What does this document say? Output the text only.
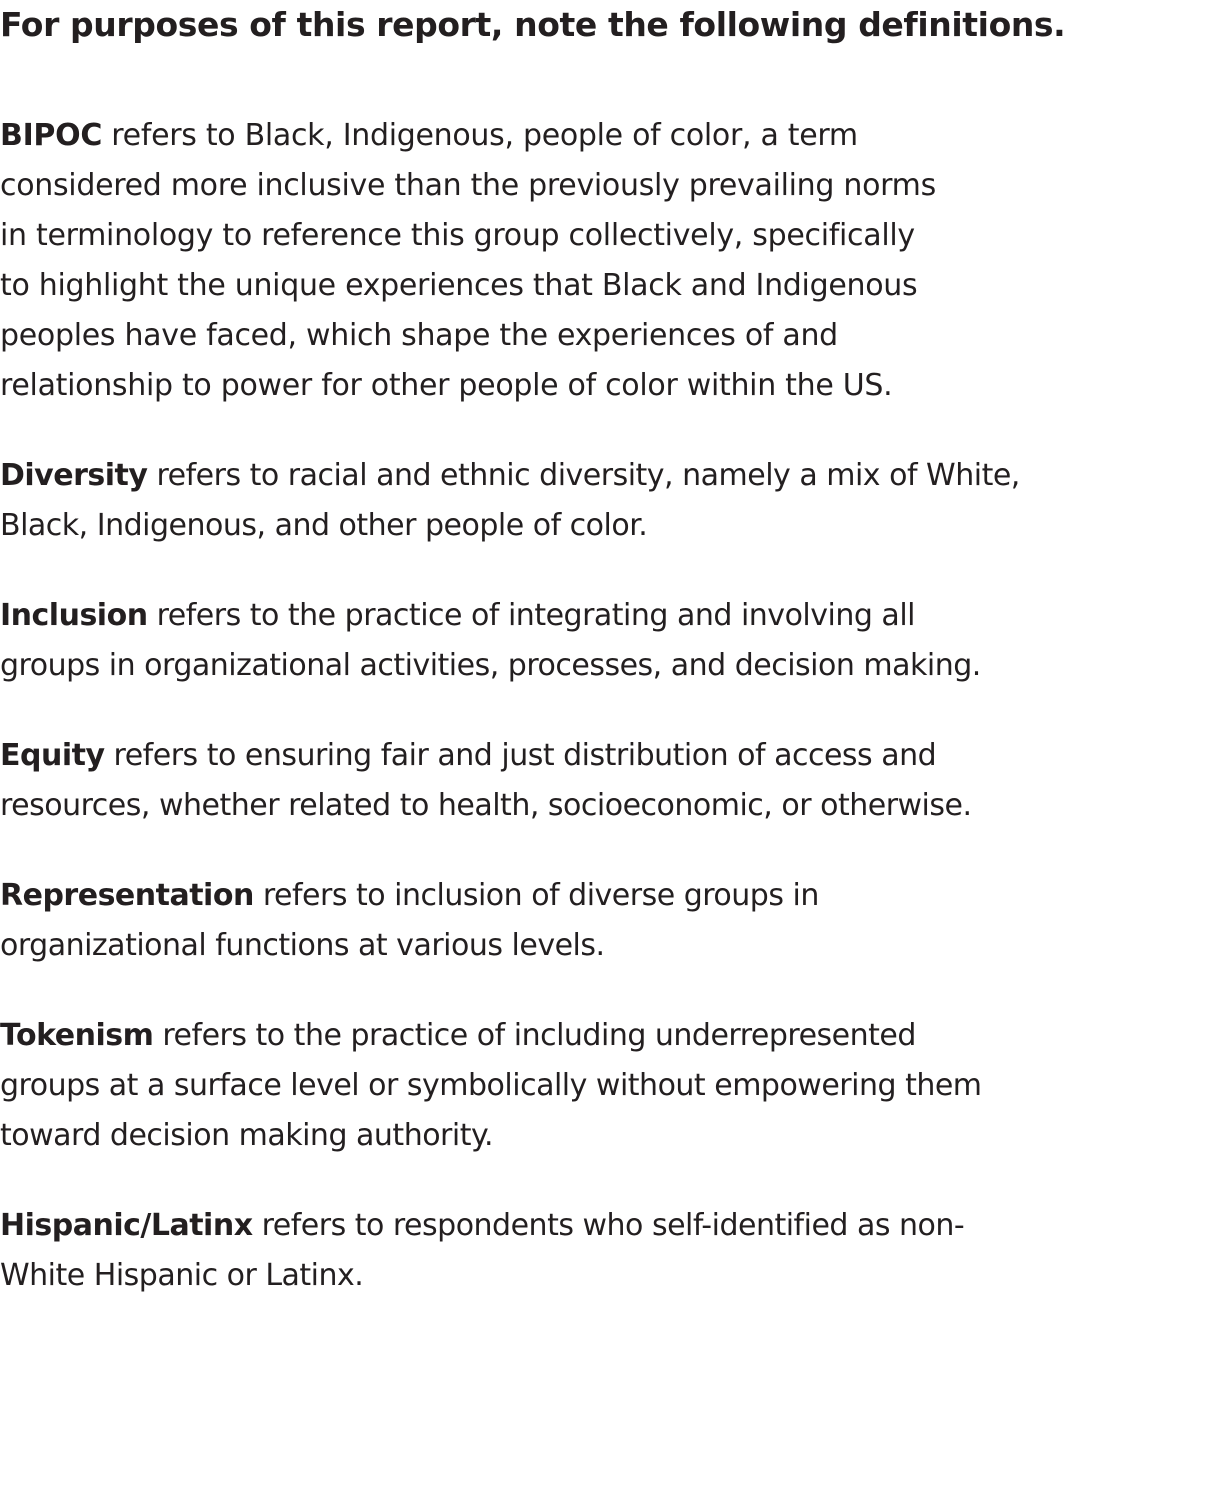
For purposes of this report, note the following definitions.

BIPOC refers to Black, Indigenous, people of color, a term
considered more inclusive than the previously prevailing norms
in terminology to reference this group collectively, specifically
to highlight the unique experiences that Black and Indigenous
peoples have faced, which shape the experiences of and
relationship to power for other people of color within the US.

Diversity refers to racial and ethnic diversity, namely a mix of White,
Black, Indigenous, and other people of color.

Inclusion refers to the practice of integrating and involving all
groups in organizational activities, processes, and decision making.

Equity refers to ensuring fair and just distribution of access and
resources, whether related to health, socioeconomic, or otherwise.

Representation refers to inclusion of diverse groups in
organizational functions at various levels.

Tokenism refers to the practice of including underrepresented
groups at a surface level or symbolically without empowering them
toward decision making authority.

Hispanic/Latinx refers to respondents who self-identified as non-
White Hispanic or Latinx.
